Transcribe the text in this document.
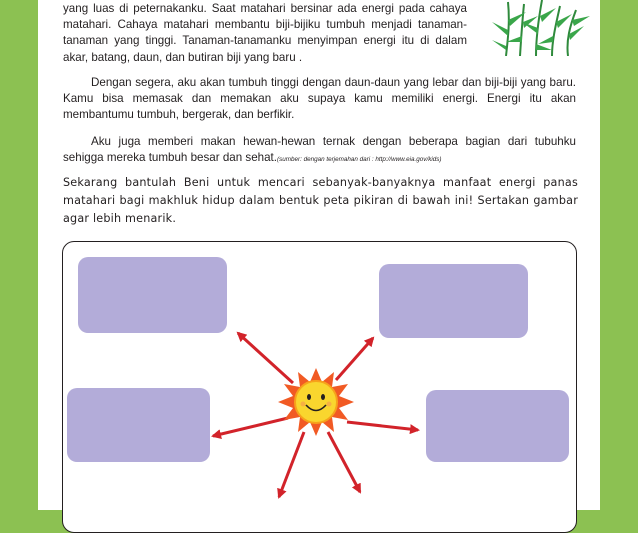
yang luas di peternakanku. Saat matahari bersinar ada energi pada cahaya matahari. Cahaya matahari membantu biji-bijiku tumbuh menjadi tanaman-tanaman yang tinggi. Tanaman-tanamanku menyimpan energi itu di dalam akar, batang, daun, dan butiran biji yang baru .

Dengan segera, aku akan tumbuh tinggi dengan daun-daun yang lebar dan biji-biji yang baru. Kamu bisa memasak dan memakan aku supaya kamu memiliki energi. Energi itu akan membantumu tumbuh, bergerak, dan berfikir.

Aku juga memberi makan hewan-hewan ternak dengan beberapa bagian dari tubuhku sehigga mereka tumbuh besar dan sehat.(sumber: dengan terjemahan dari : http://www.eia.gov/kids)

Sekarang bantulah Beni untuk mencari sebanyak-banyaknya manfaat energi panas matahari bagi makhluk hidup dalam bentuk peta pikiran di bawah ini! Sertakan gambar agar lebih menarik.
